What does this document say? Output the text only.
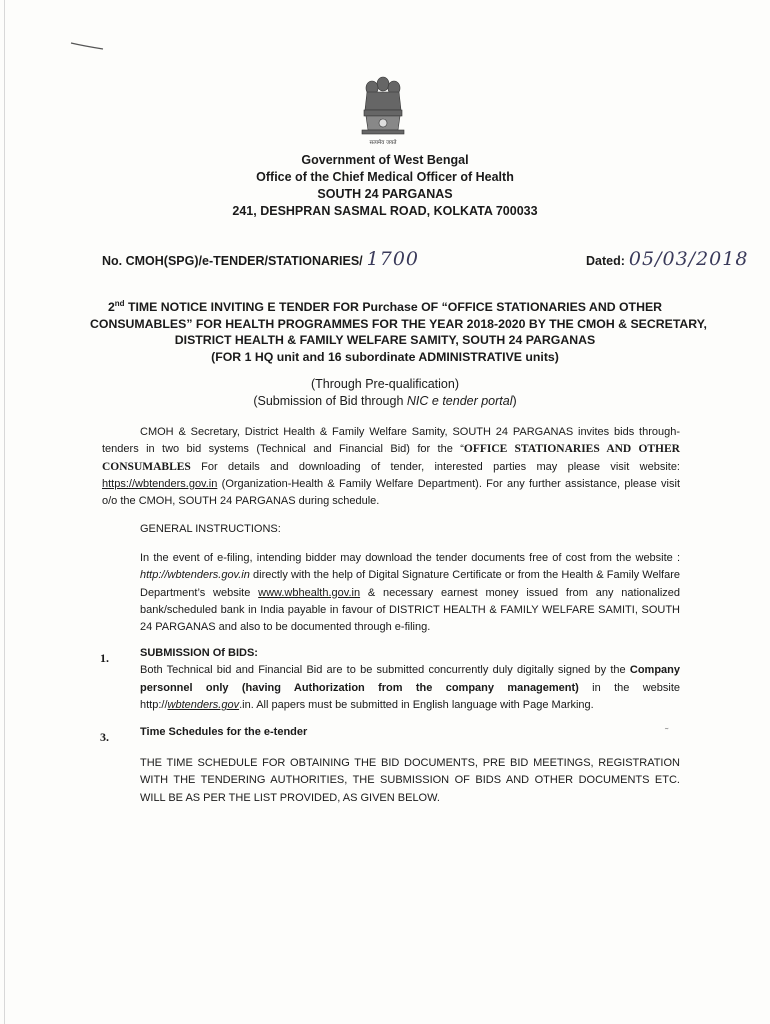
सत्यमेव जयते
Government of West Bengal
Office of the Chief Medical Officer of Health
SOUTH 24 PARGANAS
241, DESHPRAN SASMAL ROAD, KOLKATA 700033
No. CMOH(SPG)/e-TENDER/STATIONARIES/ 1700	Dated: 05/03/2018
2nd TIME NOTICE INVITING E TENDER FOR Purchase OF “OFFICE STATIONARIES AND OTHER
CONSUMABLES” FOR HEALTH PROGRAMMES FOR THE YEAR 2018-2020 BY THE CMOH & SECRETARY,
DISTRICT HEALTH & FAMILY WELFARE SAMITY, SOUTH 24 PARGANAS
(FOR 1 HQ unit and 16 subordinate ADMINISTRATIVE units)
(Through Pre-qualification)
(Submission of Bid through NIC e tender portal)
CMOH & Secretary, District Health & Family Welfare Samity, SOUTH 24 PARGANAS invites bids through-tenders in two bid systems (Technical and Financial Bid) for the “OFFICE STATIONARIES AND OTHER CONSUMABLES For details and downloading of tender, interested parties may please visit website: https://wbtenders.gov.in (Organization-Health & Family Welfare Department). For any further assistance, please visit o/o the CMOH, SOUTH 24 PARGANAS during schedule.
GENERAL INSTRUCTIONS:
In the event of e-filing, intending bidder may download the tender documents free of cost from the website : http://wbtenders.gov.in directly with the help of Digital Signature Certificate or from the Health & Family Welfare Department’s website www.wbhealth.gov.in & necessary earnest money issued from any nationalized bank/scheduled bank in India payable in favour of DISTRICT HEALTH & FAMILY WELFARE SAMITI, SOUTH 24 PARGANAS and also to be documented through e-filing.
1.	SUBMISSION Of BIDS:
Both Technical bid and Financial Bid are to be submitted concurrently duly digitally signed by the Company personnel only (having Authorization from the company management) in the website http://wbtenders.gov.in. All papers must be submitted in English language with Page Marking.
3.	Time Schedules for the e-tender	˜
THE TIME SCHEDULE FOR OBTAINING THE BID DOCUMENTS, PRE BID MEETINGS, REGISTRATION WITH THE TENDERING AUTHORITIES, THE SUBMISSION OF BIDS AND OTHER DOCUMENTS ETC. WILL BE AS PER THE LIST PROVIDED, AS GIVEN BELOW.
